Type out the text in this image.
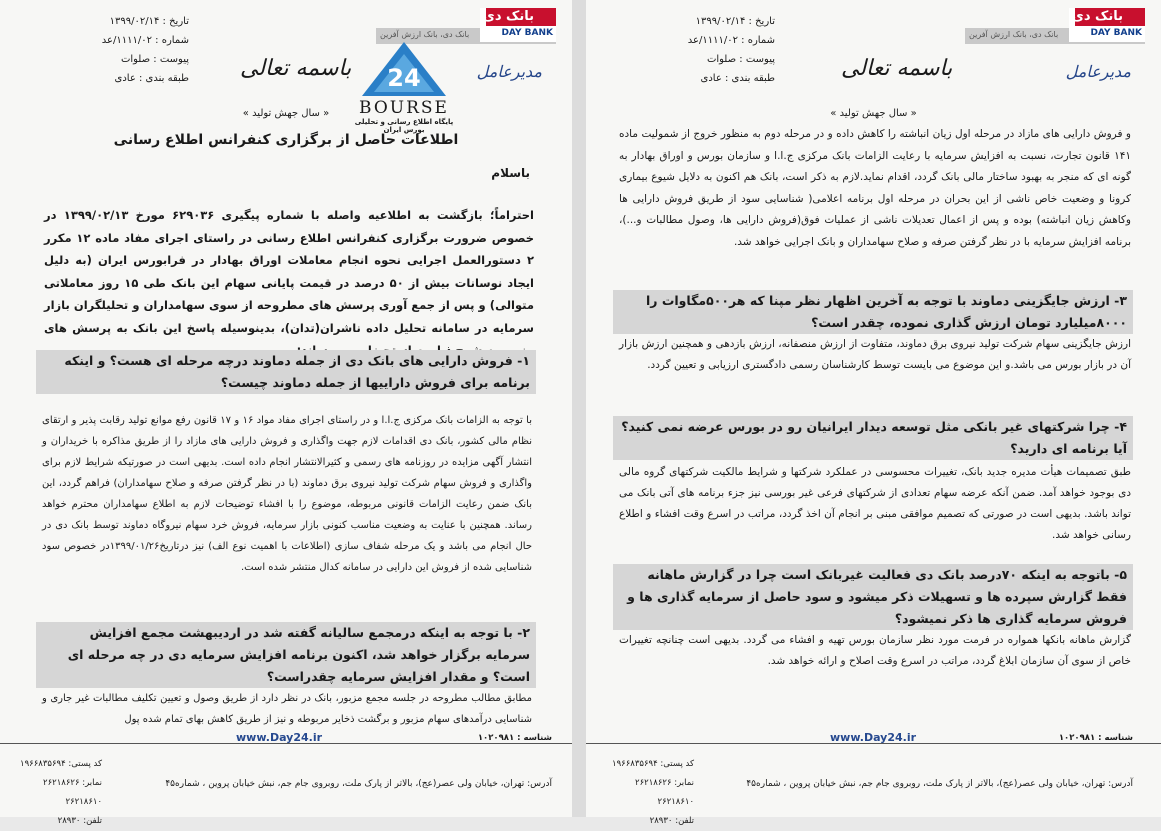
تاریخ : ۱۳۹۹/۰۲/۱۴
شماره : ۱۱۱۱/۰۲/عد
پیوست : صلوات
طبقه بندی : عادی
بانک دی، بانک ارزش آفرین
بانک دی
DAY BANK
مدیرعامل
24
BOURSE
پایگاه اطلاع رسانی و تحلیلی بورس ایران
باسمه تعالی
« سال جهش تولید »
اطلاعات حاصل از برگزاری کنفرانس اطلاع رسانی
باسلام
احتراماً؛ بازگشت به اطلاعیه واصله با شماره پیگیری ۶۲۹۰۳۶ مورخ ۱۳۹۹/۰۲/۱۳ در خصوص ضرورت برگزاری کنفرانس اطلاع رسانی در راستای اجرای مفاد ماده ۱۲ مکرر ۲ دستورالعمل اجرایی نحوه انجام معاملات اوراق بهادار در فرابورس ایران (به دلیل ایجاد نوسانات بیش از ۵۰ درصد در قیمت پایانی سهام این بانک طی ۱۵ روز معاملاتی متوالی) و پس از جمع آوری پرسش های مطروحه از سوی سهامداران و تحلیلگران بازار سرمایه در سامانه تحلیل داده ناشران(تدان)، بدینوسیله پاسخ این بانک به پرسش های
۱- فروش دارایی های بانک دی از جمله دماوند درچه مرحله ای هست؟ و اینکه برنامه برای فروش داراییها از جمله دماوند چیست؟
با توجه به الزامات بانک مرکزی ج.ا.ا و در راستای اجرای مفاد مواد ۱۶ و ۱۷ قانون رفع موانع تولید رقابت پذیر و ارتقای نظام مالی کشور، بانک دی اقدامات لازم جهت واگذاری و فروش دارایی های مازاد را از طریق مذاکره با خریداران و انتشار آگهی مزایده در روزنامه های رسمی و کثیرالانتشار انجام داده است. بدیهی است در صورتیکه شرایط لازم برای واگذاری و فروش سهام شرکت تولید نیروی برق دماوند (با در نظر گرفتن صرفه و صلاح سهامداران) فراهم گردد، این بانک ضمن رعایت الزامات قانونی مربوطه، موضوع را با افشاء توضیحات لازم به اطلاع سهامداران محترم خواهد رساند. همچنین با عنایت به وضعیت مناسب کنونی بازار سرمایه، فروش خرد سهام نیروگاه دماوند توسط بانک دی در حال انجام می باشد و یک مرحله شفاف سازی (اطلاعات با اهمیت نوع الف) نیز درتاریخ۱۳۹۹/۰۱/۲۶در خصوص سود شناسایی شده از فروش این دارایی در سامانه کدال منتشر شده است.
۲- با توجه به اینکه درمجمع سالیانه گفته شد در اردیبهشت مجمع افزایش سرمایه برگزار خواهد شد، اکنون برنامه افزایش سرمایه دی در چه مرحله ای است؟ و مقدار افزایش سرمایه چقدراست؟
مطابق مطالب مطروحه در جلسه مجمع مزبور، بانک در نظر دارد از طریق وصول و تعیین تکلیف مطالبات غیر جاری و شناسایی درآمدهای سهام مزبور و برگشت ذخایر مربوطه و نیز از طریق کاهش بهای تمام شده پول
شناسه : ۱۰۲۰۹۸۱
www.Day24.ir
کد پستی: ۱۹۶۶۸۳۵۶۹۴
نمابر: ۲۶۲۱۸۶۲۶
۲۶۲۱۸۶۱۰
تلفن: ۲۸۹۳۰
آدرس: تهران، خیابان ولی عصر(عج)، بالاتر از پارک ملت، روبروی جام جم، نبش خیابان پروین ، شماره۴۵
تاریخ : ۱۳۹۹/۰۲/۱۴
شماره : ۱۱۱۱/۰۲/عد
پیوست : صلوات
طبقه بندی : عادی
بانک دی، بانک ارزش آفرین
بانک دی
DAY BANK
مدیرعامل
باسمه تعالی
« سال جهش تولید »
و فروش دارایی های مازاد در مرحله اول زیان انباشته را کاهش داده و در مرحله دوم به منظور خروج از شمولیت ماده ۱۴۱ قانون تجارت، نسبت به افزایش سرمایه با رعایت الزامات بانک مرکزی ج.ا.ا و سازمان بورس و اوراق بهادار به گونه ای که منجر به بهبود ساختار مالی بانک گردد، اقدام نماید.لازم به ذکر است، بانک هم اکنون به دلایل شیوع بیماری کرونا و وضعیت خاص ناشی از این بحران در مرحله اول برنامه اعلامی( شناسایی سود از طریق فروش دارایی ها وکاهش زیان انباشته) بوده و پس از اعمال تعدیلات ناشی از عملیات فوق(فروش دارایی ها، وصول مطالبات و...)، برنامه افزایش سرمایه با در نظر گرفتن صرفه و صلاح سهامداران و بانک اجرایی خواهد شد.
۳- ارزش جایگزینی دماوند با توجه به آخرین اظهار نظر مپنا که هر۵۰۰مگاوات را ۸۰۰۰میلیارد تومان ارزش گذاری نموده، چقدر است؟
ارزش جایگزینی سهام شرکت تولید نیروی برق دماوند، متفاوت از ارزش منصفانه، ارزش بازدهی و همچنین ارزش بازار آن در بازار بورس می باشد.و این موضوع می بایست توسط کارشناسان رسمی دادگستری ارزیابی و تعیین گردد.
۴- چرا شرکتهای غیر بانکی مثل توسعه دیدار ایرانیان رو در بورس عرضه نمی کنید؟ آیا برنامه ای دارید؟
طبق تصمیمات هیأت مدیره جدید بانک، تغییرات محسوسی در عملکرد شرکتها و شرایط مالکیت شرکتهای گروه مالی دی بوجود خواهد آمد. ضمن آنکه عرضه سهام تعدادی از شرکتهای فرعی غیر بورسی نیز جزء برنامه های آتی بانک می تواند باشد. بدیهی است در صورتی که تصمیم موافقی مبنی بر انجام آن اخذ گردد، مراتب در اسرع وقت افشاء و اطلاع رسانی خواهد شد.
۵- باتوجه به اینکه ۷۰درصد بانک دی فعالیت غیربانک است چرا در گزارش ماهانه فقط گزارش سپرده ها و تسهیلات ذکر میشود و سود حاصل از سرمایه گذاری ها و فروش سرمایه گذاری ها ذکر نمیشود؟
گزارش ماهانه بانکها همواره در فرمت مورد نظر سازمان بورس تهیه و افشاء می گردد. بدیهی است چنانچه تغییرات خاص از سوی آن سازمان ابلاغ گردد، مراتب در اسرع وقت اصلاح و ارائه خواهد شد.
شناسه : ۱۰۲۰۹۸۱
www.Day24.ir
کد پستی: ۱۹۶۶۸۳۵۶۹۴
نمابر: ۲۶۲۱۸۶۲۶
۲۶۲۱۸۶۱۰
تلفن: ۲۸۹۳۰
آدرس: تهران، خیابان ولی عصر(عج)، بالاتر از پارک ملت، روبروی جام جم، نبش خیابان پروین ، شماره۴۵
